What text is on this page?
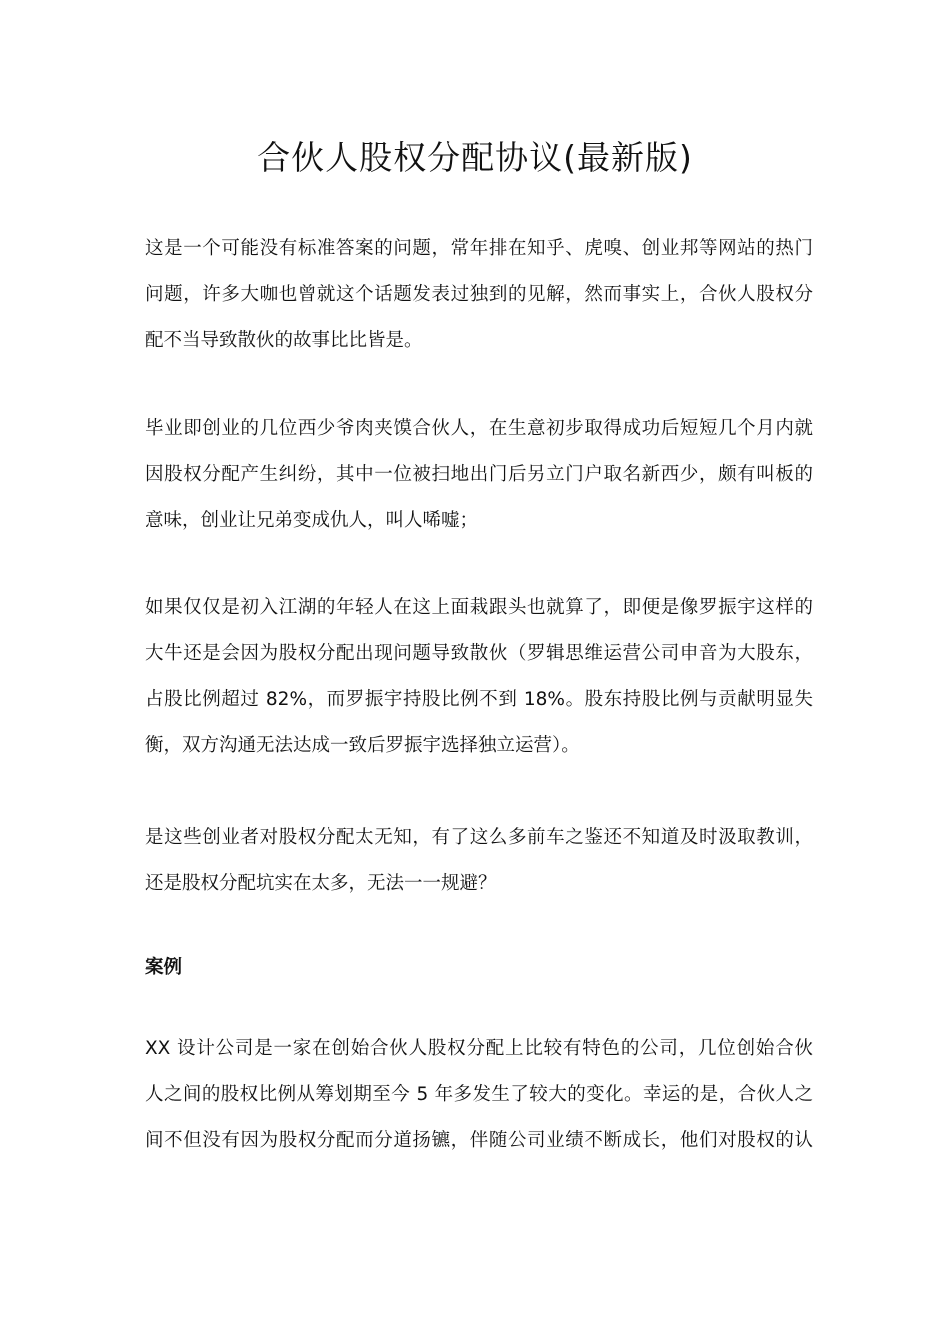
合伙人股权分配协议(最新版)
这是一个可能没有标准答案的问题，常年排在知乎、虎嗅、创业邦等网站的热门
问题，许多大咖也曾就这个话题发表过独到的见解，然而事实上，合伙人股权分
配不当导致散伙的故事比比皆是。
毕业即创业的几位西少爷肉夹馍合伙人，在生意初步取得成功后短短几个月内就
因股权分配产生纠纷，其中一位被扫地出门后另立门户取名新西少，颇有叫板的
意味，创业让兄弟变成仇人，叫人唏嘘；
如果仅仅是初入江湖的年轻人在这上面栽跟头也就算了，即便是像罗振宇这样的
大牛还是会因为股权分配出现问题导致散伙（罗辑思维运营公司申音为大股东，
占股比例超过 82%，而罗振宇持股比例不到 18%。股东持股比例与贡献明显失
衡，双方沟通无法达成一致后罗振宇选择独立运营）。
是这些创业者对股权分配太无知，有了这么多前车之鉴还不知道及时汲取教训，
还是股权分配坑实在太多，无法一一规避？
案例
XX 设计公司是一家在创始合伙人股权分配上比较有特色的公司，几位创始合伙
人之间的股权比例从筹划期至今 5 年多发生了较大的变化。幸运的是，合伙人之
间不但没有因为股权分配而分道扬镳，伴随公司业绩不断成长，他们对股权的认
